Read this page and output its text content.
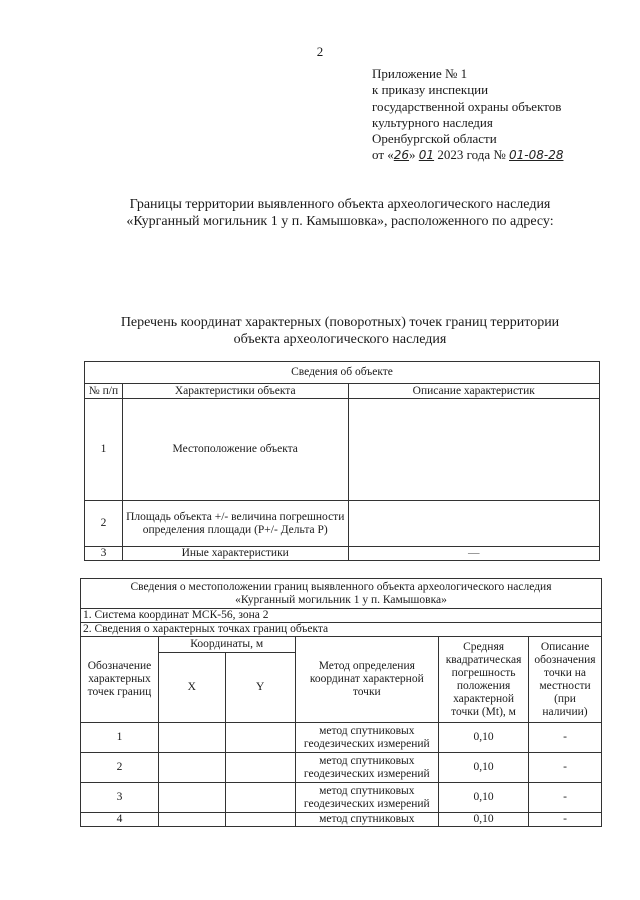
2
Приложение № 1
к приказу инспекции
государственной охраны объектов
культурного наследия
Оренбургской области
от «26» 01 2023 года № 01-08-28
Границы территории выявленного объекта археологического наследия
«Курганный могильник 1 у п. Камышовка», расположенного по адресу:
Перечень координат характерных (поворотных) точек границ территории
объекта археологического наследия
Сведения об объекте		
№ п/п	Характеристики объекта	Описание характеристик
1	Местоположение объекта	
2	Площадь объекта +/- величина погрешности определения площади (P+/- Дельта P)	
3	Иные характеристики	—
Сведения о местоположении границ выявленного объекта археологического наследия
«Курганный могильник 1 у п. Камышовка»					

1. Система координат МСК-56, зона 2					
2. Сведения о характерных точках границ объекта					
Обозначение характерных точек границ	Координаты, м		Метод определения координат характерной точки	Средняя квадратическая погрешность положения характерной точки (Mt), м	Описание обозначения точки на местности (при наличии)
	X	Y			
1			метод спутниковых геодезических измерений	0,10	-
2			метод спутниковых геодезических измерений	0,10	-
3			метод спутниковых геодезических измерений	0,10	-
4			метод спутниковых	0,10	-
